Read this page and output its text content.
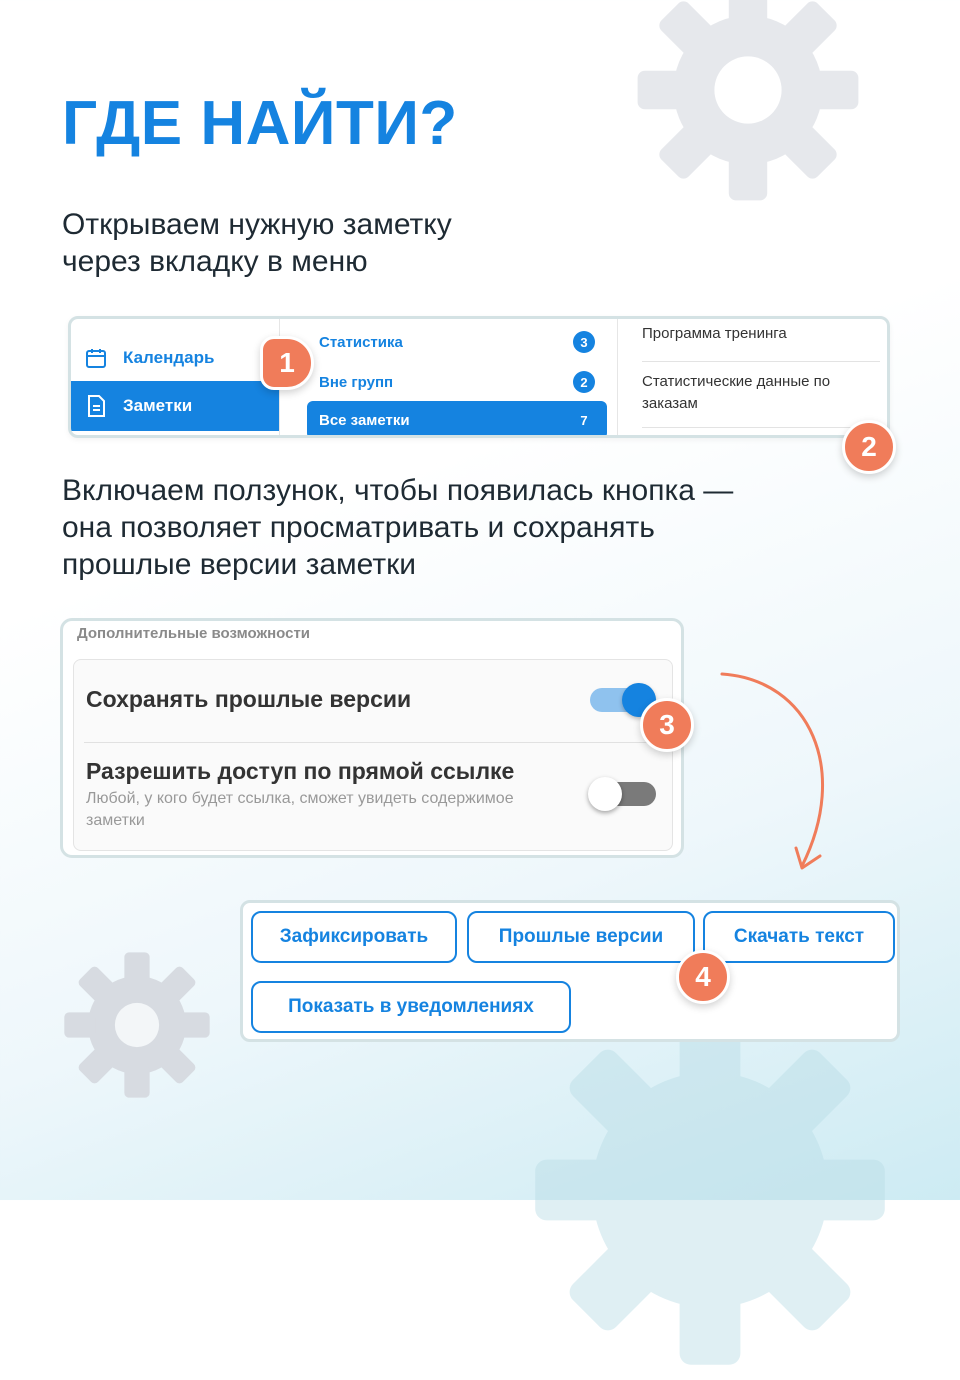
ГДЕ НАЙТИ?

Открываем нужную заметку
через вкладку в меню

Календарь
Заметки
Статистика	3
Вне групп	2
Все заметки	7
Программа тренинга
Статистические данные по заказам
1
2

Включаем ползунок, чтобы появилась кнопка —
она позволяет просматривать и сохранять
прошлые версии заметки

Дополнительные возможности
Сохранять прошлые версии
Разрешить доступ по прямой ссылке
Любой, у кого будет ссылка, сможет увидеть содержимое заметки
3
Зафиксировать	Прошлые версии	Скачать текст
Показать в уведомлениях
4
